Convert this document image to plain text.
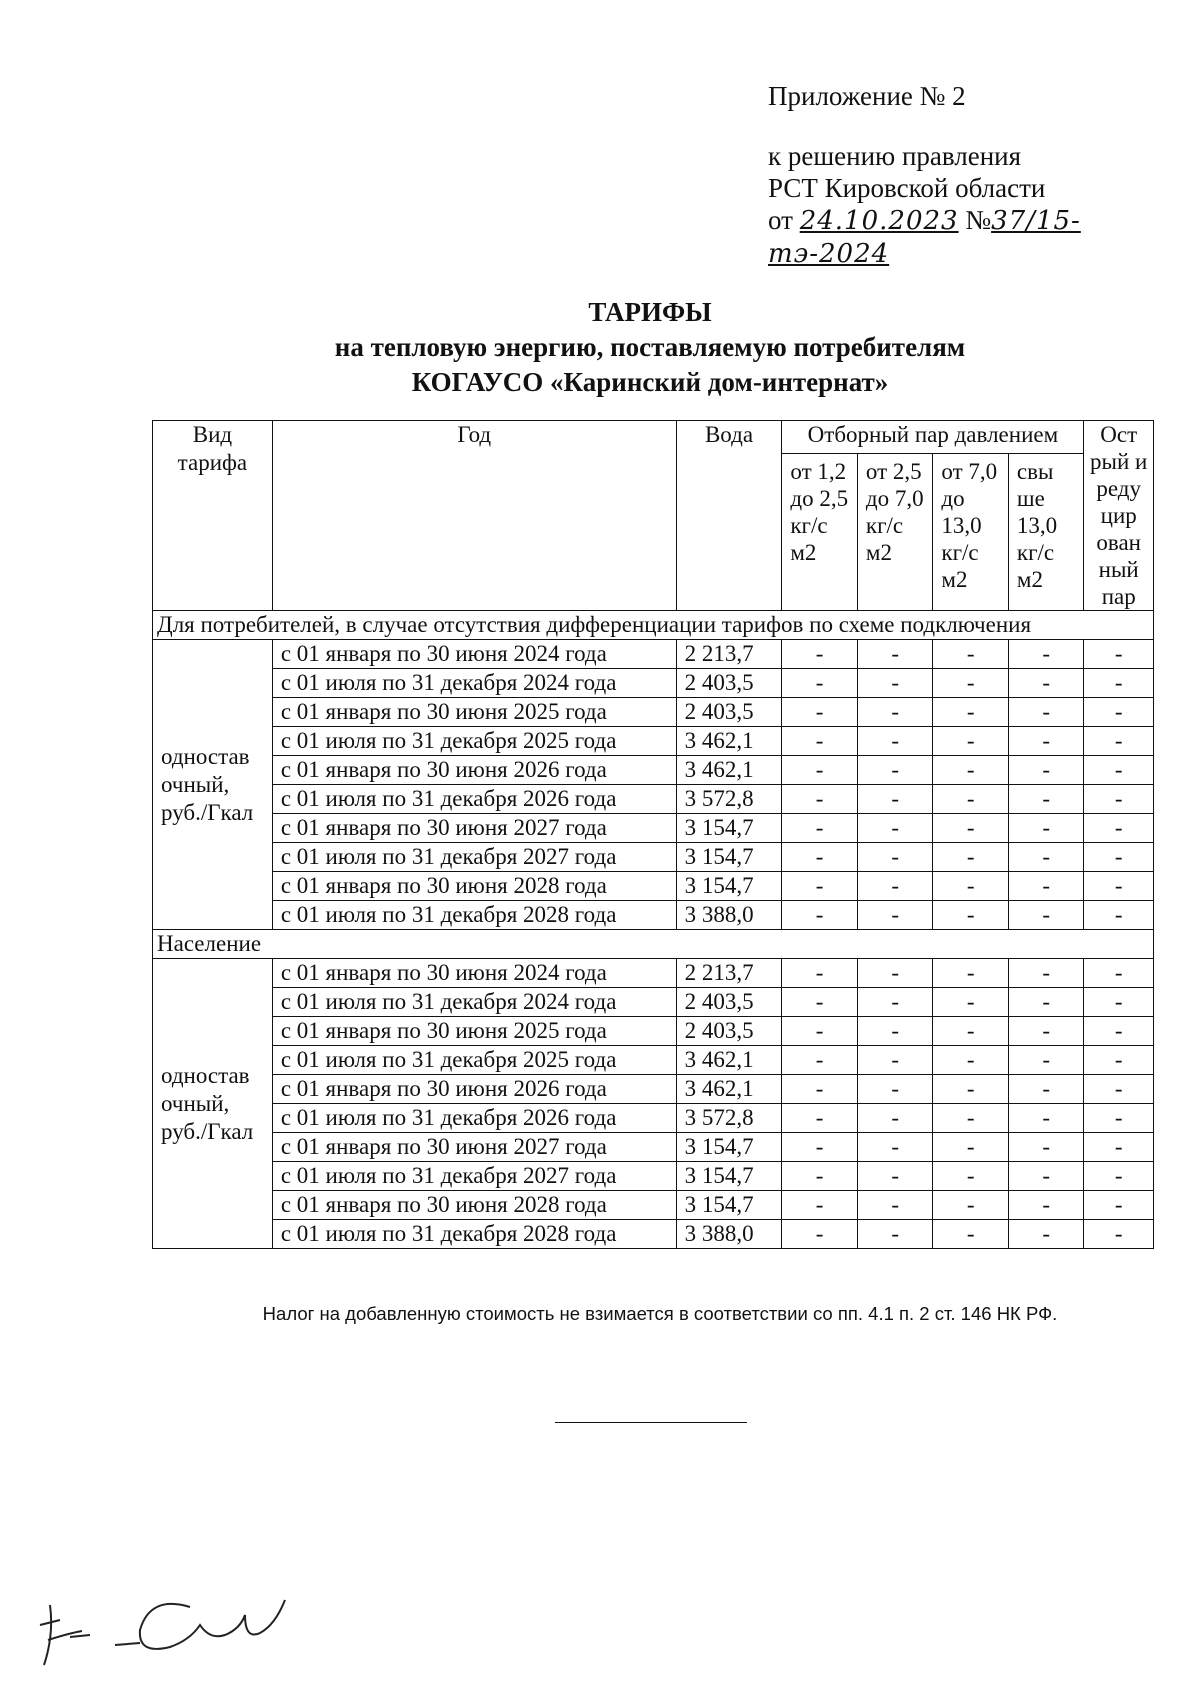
Приложение № 2
к решению правления
РСТ Кировской области
от 24.10.2023 №37/15-тэ-2024
ТАРИФЫ
на тепловую энергию, поставляемую потребителям
КОГАУСО «Каринский дом-интернат»
Вид тарифа	Год	Вода	Отборный пар давлением				Ост рый и реду цир ован ный пар
			от 1,2 до 2,5 кг/с м2	от 2,5 до 7,0 кг/с м2	от 7,0 до 13,0 кг/с м2	свы ше 13,0 кг/с м2	
Для потребителей, в случае отсутствия дифференциации тарифов по схеме подключения							
одностав очный, руб./Гкал	с 01 января по 30 июня 2024 года	2 213,7	-	-	-	-	-
	с 01 июля по 31 декабря 2024 года	2 403,5	-	-	-	-	-
	с 01 января по 30 июня 2025 года	2 403,5	-	-	-	-	-
	с 01 июля по 31 декабря 2025 года	3 462,1	-	-	-	-	-
	с 01 января по 30 июня 2026 года	3 462,1	-	-	-	-	-
	с 01 июля по 31 декабря 2026 года	3 572,8	-	-	-	-	-
	с 01 января по 30 июня 2027 года	3 154,7	-	-	-	-	-
	с 01 июля по 31 декабря 2027 года	3 154,7	-	-	-	-	-
	с 01 января по 30 июня 2028 года	3 154,7	-	-	-	-	-
	с 01 июля по 31 декабря 2028 года	3 388,0	-	-	-	-	-
Население							
одностав очный, руб./Гкал	с 01 января по 30 июня 2024 года	2 213,7	-	-	-	-	-
	с 01 июля по 31 декабря 2024 года	2 403,5	-	-	-	-	-
	с 01 января по 30 июня 2025 года	2 403,5	-	-	-	-	-
	с 01 июля по 31 декабря 2025 года	3 462,1	-	-	-	-	-
	с 01 января по 30 июня 2026 года	3 462,1	-	-	-	-	-
	с 01 июля по 31 декабря 2026 года	3 572,8	-	-	-	-	-
	с 01 января по 30 июня 2027 года	3 154,7	-	-	-	-	-
	с 01 июля по 31 декабря 2027 года	3 154,7	-	-	-	-	-
	с 01 января по 30 июня 2028 года	3 154,7	-	-	-	-	-
	с 01 июля по 31 декабря 2028 года	3 388,0	-	-	-	-	-
Налог на добавленную стоимость не взимается в соответствии со пп. 4.1 п. 2 ст. 146 НК РФ.
